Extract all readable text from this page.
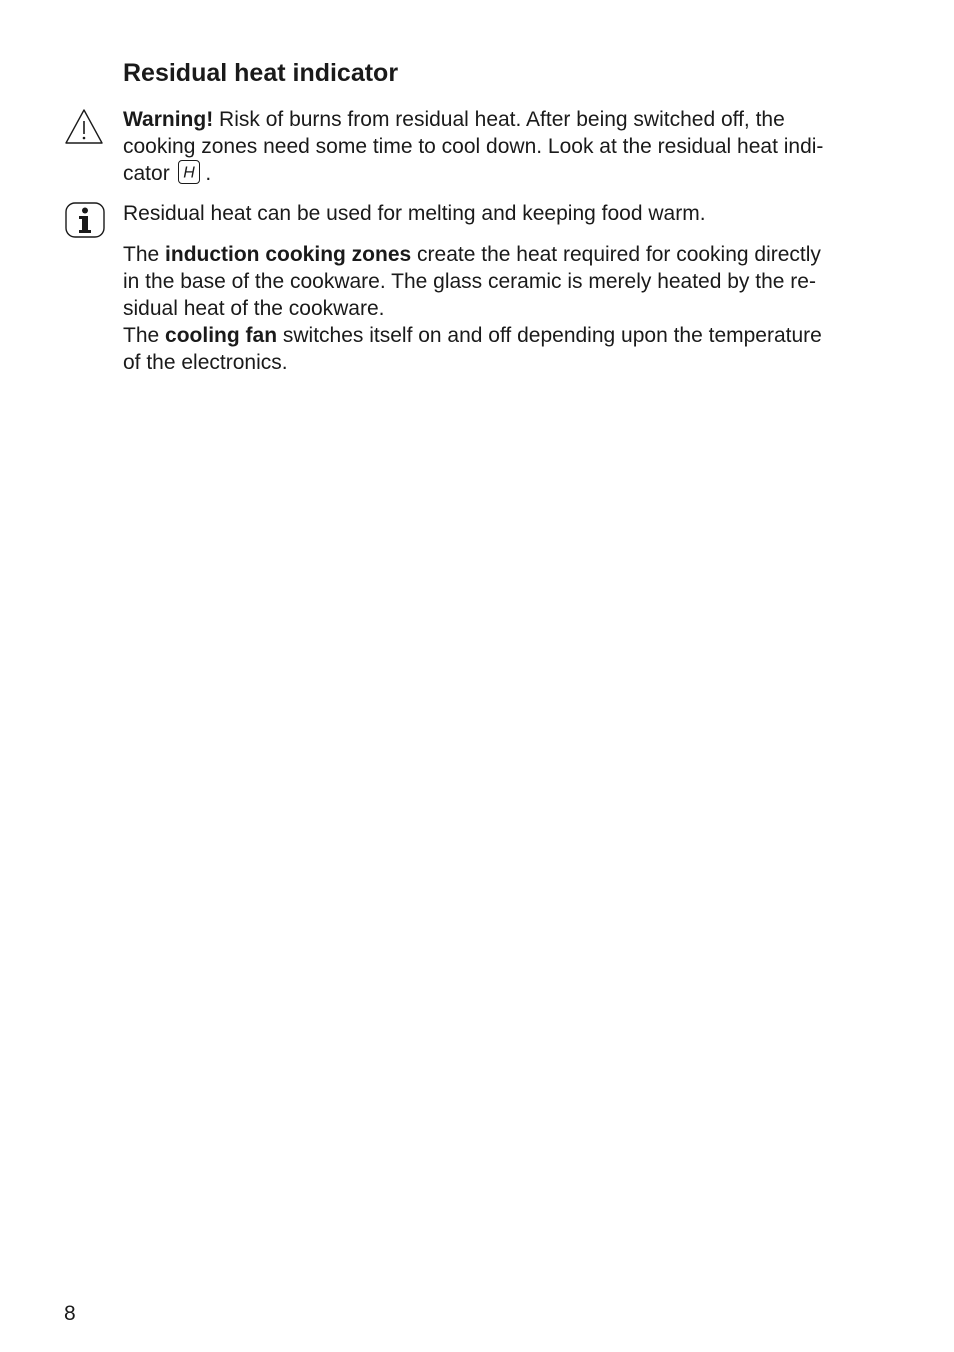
Residual heat indicator
Warning! Risk of burns from residual heat. After being switched off, the
cooking zones need some time to cool down. Look at the residual heat indi-
cator H .
Residual heat can be used for melting and keeping food warm.
The induction cooking zones create the heat required for cooking directly
in the base of the cookware. The glass ceramic is merely heated by the re-
sidual heat of the cookware.
The cooling fan switches itself on and off depending upon the temperature
of the electronics.
8
